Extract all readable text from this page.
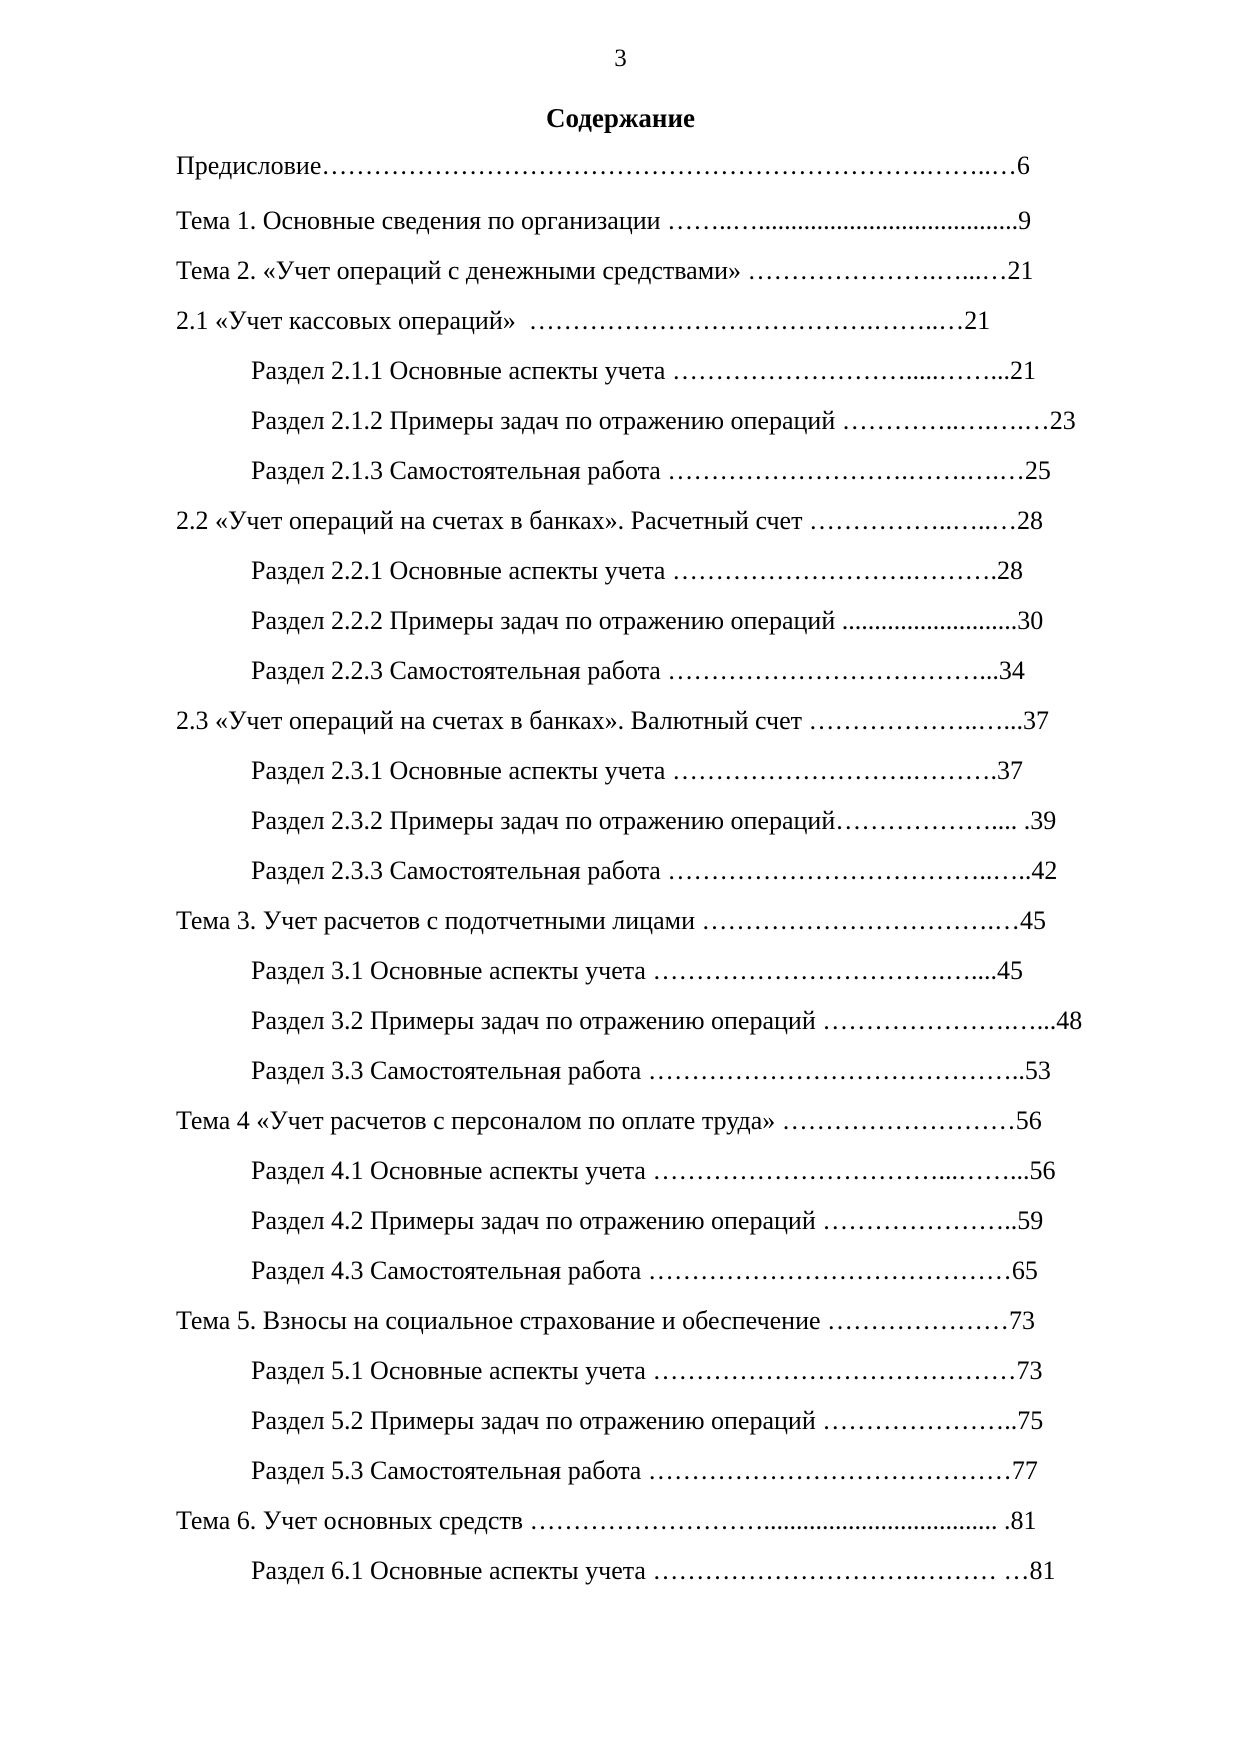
3
Содержание
Предисловие…………………………………………………………….……..…6
Тема 1. Основные сведения по организации ……..…........................................9
Тема 2. «Учет операций с денежными средствами» ………………….…...…21
2.1 «Учет кассовых операций»  ………………………………….……..…21
Раздел 2.1.1 Основные аспекты учета ……………………….....……...21
Раздел 2.1.2 Примеры задач по отражению операций …………..….….…23
Раздел 2.1.3 Самостоятельная работа ……………………….…….….…25
2.2 «Учет операций на счетах в банках». Расчетный счет ……………..…..…28
Раздел 2.2.1 Основные аспекты учета ……………………….……….28
Раздел 2.2.2 Примеры задач по отражению операций ...........................30
Раздел 2.2.3 Самостоятельная работа ………………………………...34
2.3 «Учет операций на счетах в банках». Валютный счет ………………..…...37
Раздел 2.3.1 Основные аспекты учета ……………………….……….37
Раздел 2.3.2 Примеры задач по отражению операций……………….... .39
Раздел 2.3.3 Самостоятельная работа ………………………………..…..42
Тема 3. Учет расчетов с подотчетными лицами …………………………….…45
Раздел 3.1 Основные аспекты учета …………………………….…....45
Раздел 3.2 Примеры задач по отражению операций ………………….…...48
Раздел 3.3 Самостоятельная работа ……………………………………..53
Тема 4 «Учет расчетов с персоналом по оплате труда» ………………………56
Раздел 4.1 Основные аспекты учета ……………………………...……...56
Раздел 4.2 Примеры задач по отражению операций …………………..59
Раздел 4.3 Самостоятельная работа ……………………………………65
Тема 5. Взносы на социальное страхование и обеспечение …………………73
Раздел 5.1 Основные аспекты учета ……………………………………73
Раздел 5.2 Примеры задач по отражению операций …………………..75
Раздел 5.3 Самостоятельная работа ……………………………………77
Тема 6. Учет основных средств ……………………….................................... .81
Раздел 6.1 Основные аспекты учета ………………………….……… …81
